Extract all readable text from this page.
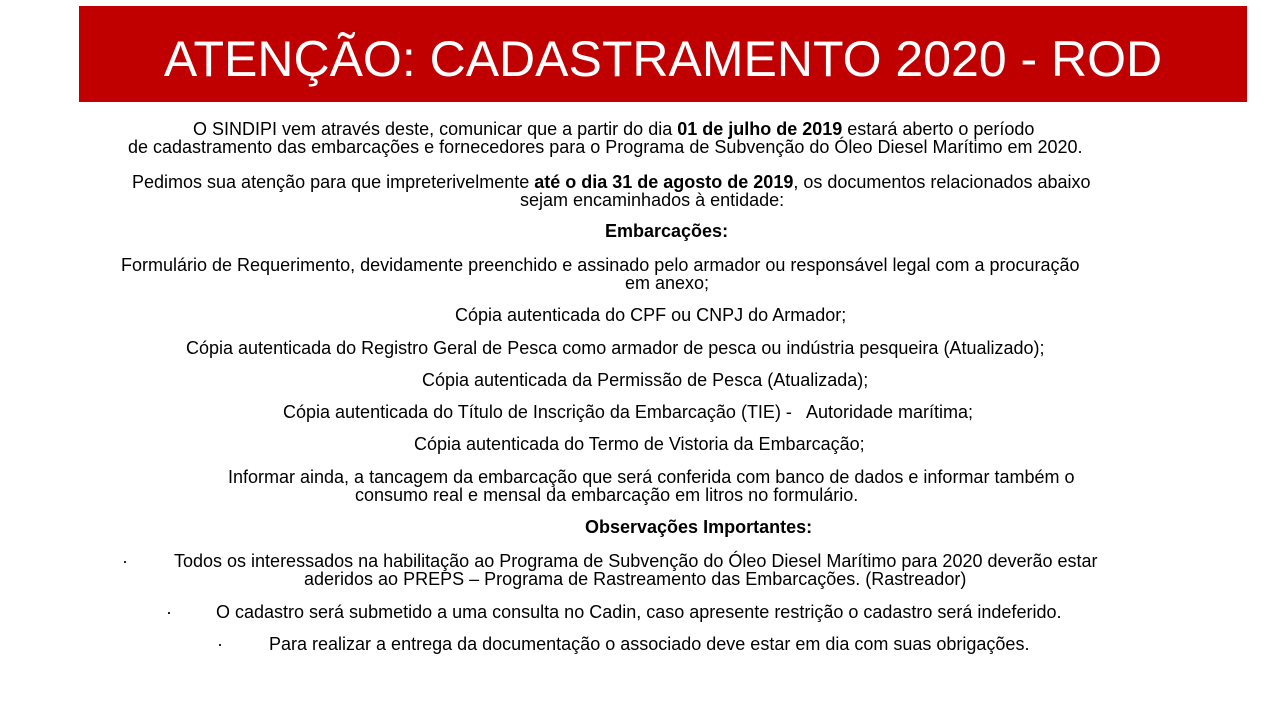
ATENÇÃO: CADASTRAMENTO 2020 - ROD
O SINDIPI vem através deste, comunicar que a partir do dia 01 de julho de 2019 estará aberto o período
de cadastramento das embarcações e fornecedores para o Programa de Subvenção do Óleo Diesel Marítimo em 2020.
Pedimos sua atenção para que impreterivelmente até o dia 31 de agosto de 2019, os documentos relacionados abaixo
sejam encaminhados à entidade:
Embarcações:
Formulário de Requerimento, devidamente preenchido e assinado pelo armador ou responsável legal com a procuração
em anexo;
Cópia autenticada do CPF ou CNPJ do Armador;
Cópia autenticada do Registro Geral de Pesca como armador de pesca ou indústria pesqueira (Atualizado);
Cópia autenticada da Permissão de Pesca (Atualizada);
Cópia autenticada do Título de Inscrição da Embarcação (TIE) -   Autoridade marítima;
Cópia autenticada do Termo de Vistoria da Embarcação;
Informar ainda, a tancagem da embarcação que será conferida com banco de dados e informar também o
consumo real e mensal da embarcação em litros no formulário.
Observações Importantes:
·	Todos os interessados na habilitação ao Programa de Subvenção do Óleo Diesel Marítimo para 2020 deverão estar
aderidos ao PREPS – Programa de Rastreamento das Embarcações. (Rastreador)
· O cadastro será submetido a uma consulta no Cadin, caso apresente restrição o cadastro será indeferido.
·	Para realizar a entrega da documentação o associado deve estar em dia com suas obrigações.
